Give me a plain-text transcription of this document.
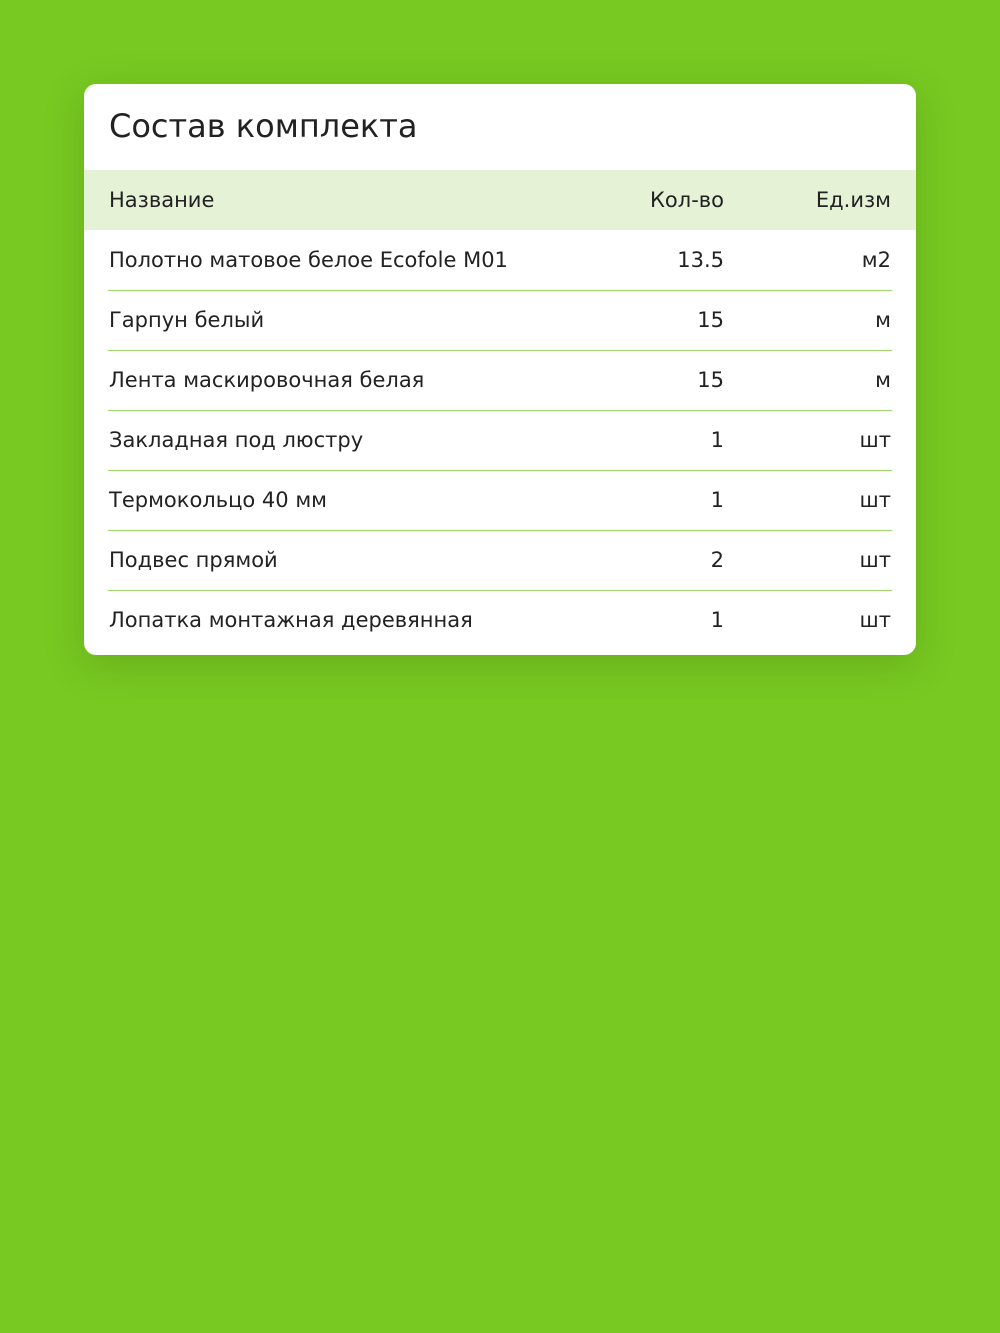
Состав комплекта
Название	Кол-во	Ед.изм
Полотно матовое белое Ecofole M01	13.5	м2
Гарпун белый	15	м
Лента маскировочная белая	15	м
Закладная под люстру	1	шт
Термокольцо 40 мм	1	шт
Подвес прямой	2	шт
Лопатка монтажная деревянная	1	шт
